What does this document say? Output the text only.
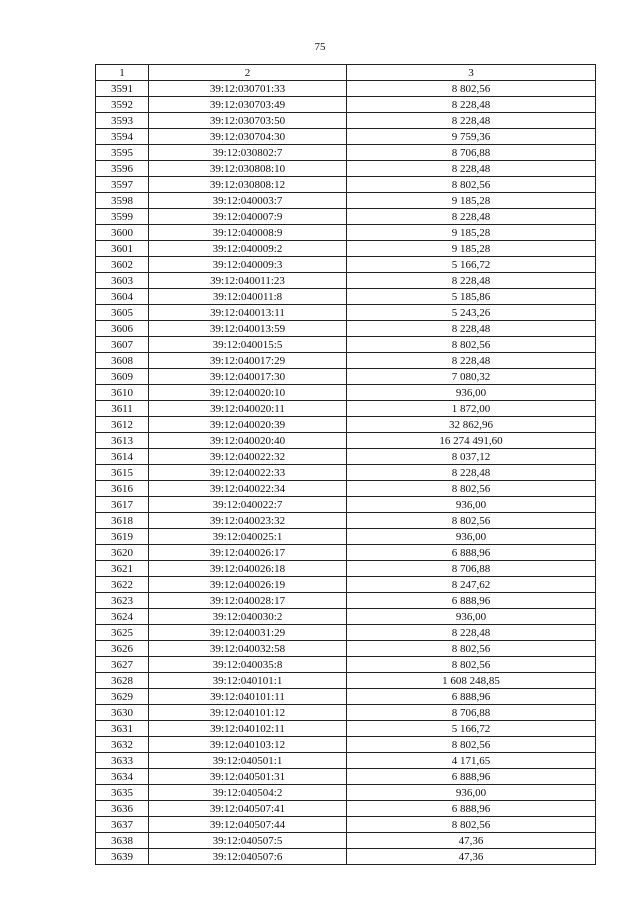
75
1	2	3
3591	39:12:030701:33	8 802,56
3592	39:12:030703:49	8 228,48
3593	39:12:030703:50	8 228,48
3594	39:12:030704:30	9 759,36
3595	39:12:030802:7	8 706,88
3596	39:12:030808:10	8 228,48
3597	39:12:030808:12	8 802,56
3598	39:12:040003:7	9 185,28
3599	39:12:040007:9	8 228,48
3600	39:12:040008:9	9 185,28
3601	39:12:040009:2	9 185,28
3602	39:12:040009:3	5 166,72
3603	39:12:040011:23	8 228,48
3604	39:12:040011:8	5 185,86
3605	39:12:040013:11	5 243,26
3606	39:12:040013:59	8 228,48
3607	39:12:040015:5	8 802,56
3608	39:12:040017:29	8 228,48
3609	39:12:040017:30	7 080,32
3610	39:12:040020:10	936,00
3611	39:12:040020:11	1 872,00
3612	39:12:040020:39	32 862,96
3613	39:12:040020:40	16 274 491,60
3614	39:12:040022:32	8 037,12
3615	39:12:040022:33	8 228,48
3616	39:12:040022:34	8 802,56
3617	39:12:040022:7	936,00
3618	39:12:040023:32	8 802,56
3619	39:12:040025:1	936,00
3620	39:12:040026:17	6 888,96
3621	39:12:040026:18	8 706,88
3622	39:12:040026:19	8 247,62
3623	39:12:040028:17	6 888,96
3624	39:12:040030:2	936,00
3625	39:12:040031:29	8 228,48
3626	39:12:040032:58	8 802,56
3627	39:12:040035:8	8 802,56
3628	39:12:040101:1	1 608 248,85
3629	39:12:040101:11	6 888,96
3630	39:12:040101:12	8 706,88
3631	39:12:040102:11	5 166,72
3632	39:12:040103:12	8 802,56
3633	39:12:040501:1	4 171,65
3634	39:12:040501:31	6 888,96
3635	39:12:040504:2	936,00
3636	39:12:040507:41	6 888,96
3637	39:12:040507:44	8 802,56
3638	39:12:040507:5	47,36
3639	39:12:040507:6	47,36
